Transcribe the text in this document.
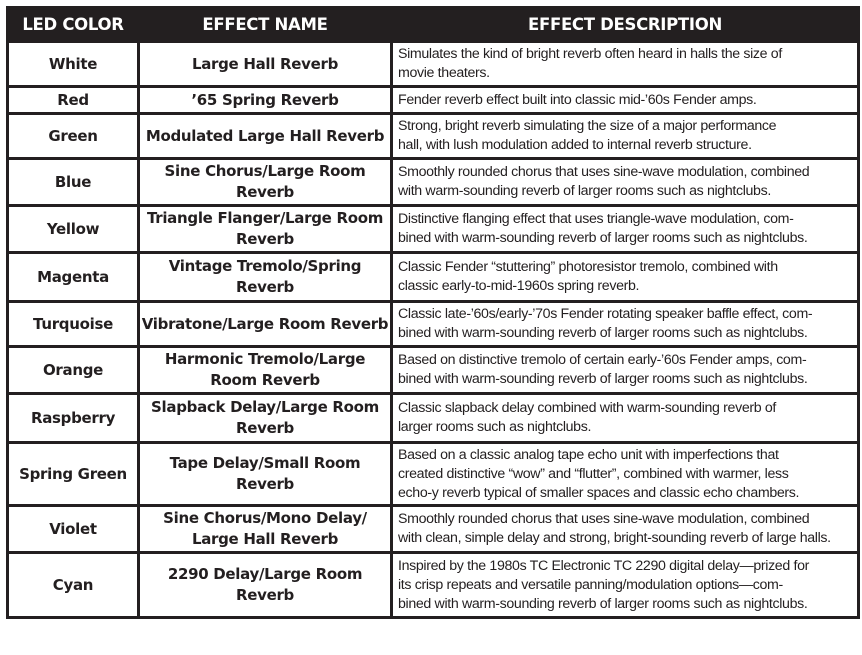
LED COLOR	EFFECT NAME	EFFECT DESCRIPTION
White	Large Hall Reverb	Simulates the kind of bright reverb often heard in halls the size of
movie theaters.
Red	’65 Spring Reverb	Fender reverb effect built into classic mid-’60s Fender amps.
Green	Modulated Large Hall Reverb	Strong, bright reverb simulating the size of a major performance
hall, with lush modulation added to internal reverb structure.
Blue	Sine Chorus/Large Room Reverb	Smoothly rounded chorus that uses sine-wave modulation, combined
with warm-sounding reverb of larger rooms such as nightclubs.
Yellow	Triangle Flanger/Large Room Reverb	Distinctive flanging effect that uses triangle-wave modulation, com-
bined with warm-sounding reverb of larger rooms such as nightclubs.
Magenta	Vintage Tremolo/Spring Reverb	Classic Fender “stuttering” photoresistor tremolo, combined with
classic early-to-mid-1960s spring reverb.
Turquoise	Vibratone/Large Room Reverb	Classic late-’60s/early-’70s Fender rotating speaker baffle effect, com-
bined with warm-sounding reverb of larger rooms such as nightclubs.
Orange	Harmonic Tremolo/Large Room Reverb	Based on distinctive tremolo of certain early-’60s Fender amps, com-
bined with warm-sounding reverb of larger rooms such as nightclubs.
Raspberry	Slapback Delay/Large Room Reverb	Classic slapback delay combined with warm-sounding reverb of
larger rooms such as nightclubs.
Spring Green	Tape Delay/Small Room Reverb	Based on a classic analog tape echo unit with imperfections that
created distinctive “wow” and “flutter”, combined with warmer, less
echo-y reverb typical of smaller spaces and classic echo chambers.
Violet	Sine Chorus/Mono Delay/ Large Hall Reverb	Smoothly rounded chorus that uses sine-wave modulation, combined
with clean, simple delay and strong, bright-sounding reverb of large halls.
Cyan	2290 Delay/Large Room Reverb	Inspired by the 1980s TC Electronic TC 2290 digital delay—prized for
its crisp repeats and versatile panning/modulation options—com-
bined with warm-sounding reverb of larger rooms such as nightclubs.
